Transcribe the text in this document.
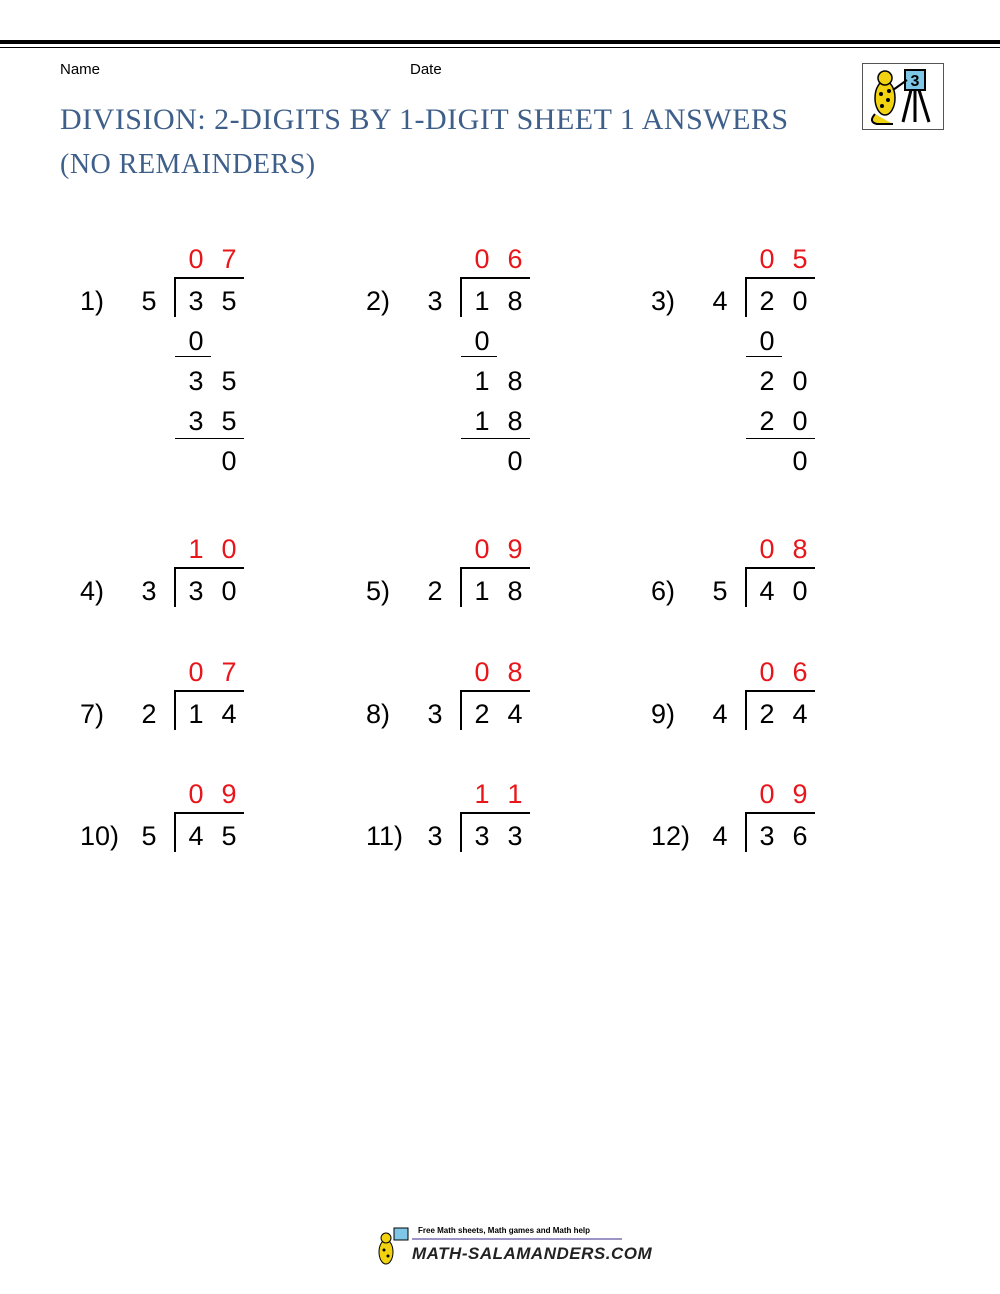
Name	Date
DIVISION: 2-DIGITS BY 1-DIGIT SHEET 1 ANSWERS
(NO REMAINDERS)
3
0 7
1) 5 3 5
0
3 5
3 5
0
0 6
2) 3 1 8
0
1 8
1 8
0
0 5
3) 4 2 0
0
2 0
2 0
0
1 0
4) 3 3 0
0 9
5) 2 1 8
0 8
6) 5 4 0
0 7
7) 2 1 4
0 8
8) 3 2 4
0 6
9) 4 2 4
0 9
10) 5 4 5
1 1
11) 3 3 3
0 9
12) 4 3 6
Free Math sheets, Math games and Math help
MATH-SALAMANDERS.COM
